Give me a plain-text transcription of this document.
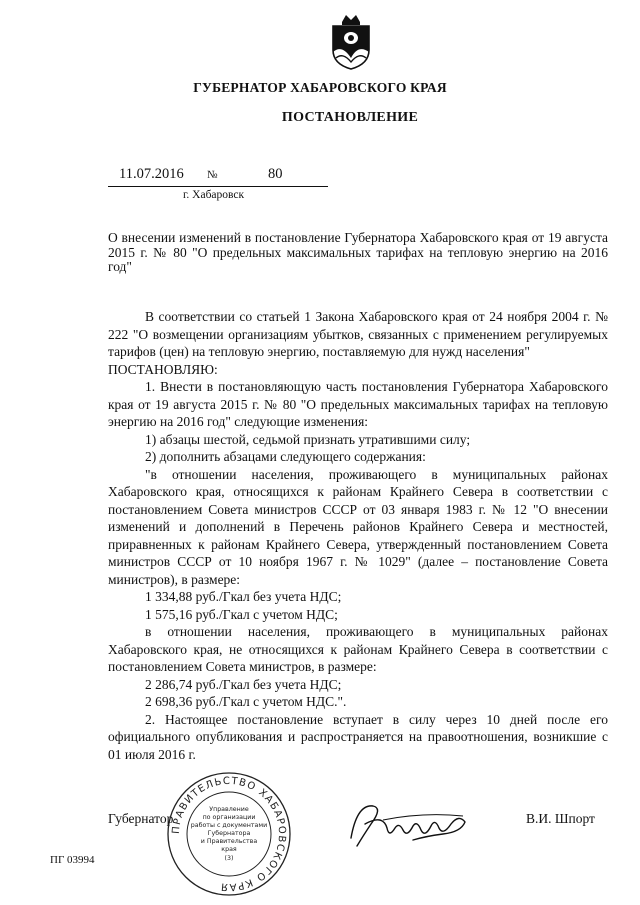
ГУБЕРНАТОР ХАБАРОВСКОГО КРАЯ
ПОСТАНОВЛЕНИЕ
11.07.2016 №	80
г. Хабаровск
О внесении изменений в постановление Губернатора Хабаровского края от 19 августа 2015 г. № 80 "О предельных максимальных тарифах на тепловую энергию на 2016 год"

В соответствии со статьей 1 Закона Хабаровского края от 24 ноября 2004 г. № 222 "О возмещении организациям убытков, связанных с применением регулируемых тарифов (цен) на тепловую энергию, поставляемую для нужд населения"

ПОСТАНОВЛЯЮ:

1. Внести в постановляющую часть постановления Губернатора Хабаровского края от 19 августа 2015 г. № 80 "О предельных максимальных тарифах на тепловую энергию на 2016 год" следующие изменения:

1) абзацы шестой, седьмой признать утратившими силу;

2) дополнить абзацами следующего содержания:

"в отношении населения, проживающего в муниципальных районах Хабаровского края, относящихся к районам Крайнего Севера в соответствии с постановлением Совета министров СССР от 03 января 1983 г. № 12 "О внесении изменений и дополнений в Перечень районов Крайнего Севера и местностей, приравненных к районам Крайнего Севера, утвержденный постановлением Совета министров СССР от 10 ноября 1967 г. № 1029" (далее – постановление Совета министров), в размере:

1 334,88 руб./Гкал без учета НДС;

1 575,16 руб./Гкал с учетом НДС;

в отношении населения, проживающего в муниципальных районах Хабаровского края, не относящихся к районам Крайнего Севера в соответствии с постановлением Совета министров, в размере:

2 286,74 руб./Гкал без учета НДС;

2 698,36 руб./Гкал с учетом НДС.".

2. Настоящее постановление вступает в силу через 10 дней после его официального опубликования и распространяется на правоотношения, возникшие с 01 июля 2016 г.

Губернатор	В.И. Шпорт
ПРАВИТЕЛЬСТВО ХАБАРОВСКОГО КРАЯ
Управление
по организации
работы с документами
Губернатора
и Правительства
края
(3)
ПГ 03994
